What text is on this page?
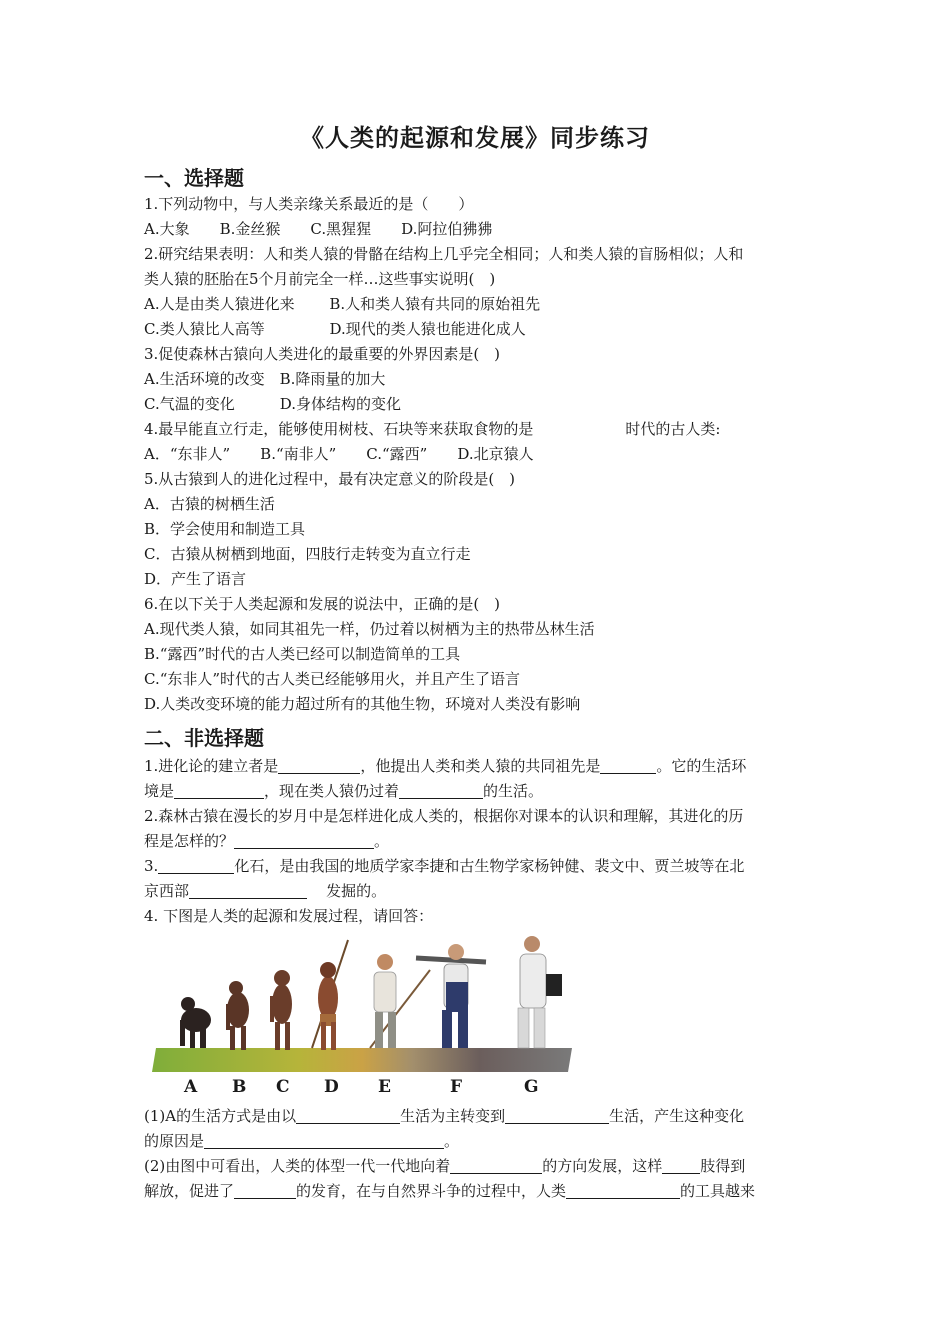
《人类的起源和发展》同步练习
一、选择题
1.下列动物中，与人类亲缘关系最近的是（　　）
A.大象　　B.金丝猴　　C.黑猩猩　　D.阿拉伯狒狒
2.研究结果表明：人和类人猿的骨骼在结构上几乎完全相同；人和类人猿的盲肠相似；人和
类人猿的胚胎在5个月前完全一样…这些事实说明(　)
A.人是由类人猿进化来　　 B.人和类人猿有共同的原始祖先
C.类人猿比人高等　　　　 D.现代的类人猿也能进化成人
3.促使森林古猿向人类进化的最重要的外界因素是(　)
A.生活环境的改变　B.降雨量的加大
C.气温的变化　　　D.身体结构的变化
4.最早能直立行走，能够使用树枝、石块等来获取食物的是	时代的古人类:
A．“东非人”　　B.“南非人”　　C.“露西”　　D.北京猿人
5.从古猿到人的进化过程中，最有决定意义的阶段是(　)
A．古猿的树栖生活
B．学会使用和制造工具
C．古猿从树栖到地面，四肢行走转变为直立行走
D．产生了语言
6.在以下关于人类起源和发展的说法中，正确的是(　)
A.现代类人猿，如同其祖先一样，仍过着以树栖为主的热带丛林生活
B.“露西”时代的古人类已经可以制造简单的工具
C.“东非人”时代的古人类已经能够用火，并且产生了语言
D.人类改变环境的能力超过所有的其他生物，环境对人类没有影响
二、非选择题
1.进化论的建立者是	，他提出人类和类人猿的共同祖先是	。它的生活环
境是	，现在类人猿仍过着	的生活。
2.森林古猿在漫长的岁月中是怎样进化成人类的，根据你对课本的认识和理解，其进化的历
程是怎样的？	。
3.	化石，是由我国的地质学家李捷和古生物学家杨钟健、裴文中、贾兰坡等在北
京西部	发掘的。
4. 下图是人类的起源和发展过程，请回答：
A B C D E	F	G
(1)A的生活方式是由以	生活为主转变到	生活，产生这种变化
的原因是	。
(2)由图中可看出，人类的体型一代一代地向着	的方向发展，这样	肢得到
解放，促进了	的发育，在与自然界斗争的过程中，人类	的工具越来
